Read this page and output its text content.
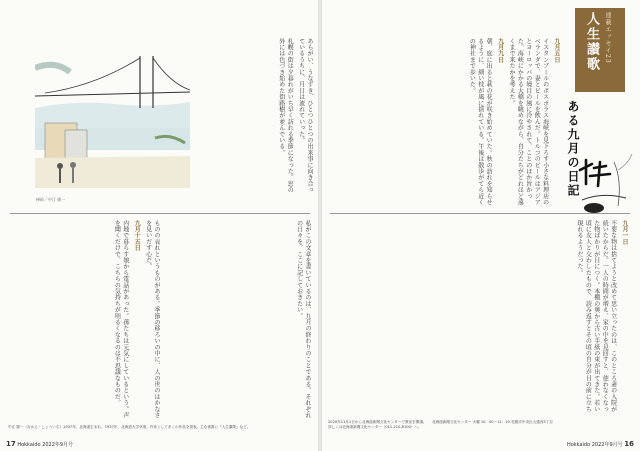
挿絵／中江 勝一

あらがい、うなずき、ひとつひとつの出来事に向き合っているうちに、月日は流れていった。

札幌の街は夕暮れがいち早く訪れる季節になった。窓の外には色づき始めた街路樹が並んでいる。

ものの哀れというものがある。季節の移ろいの中に、人の世のはかなさを見いだす心だ。

九月十五日

内地で暮らす娘から電話があった。孫たちは元気にしているという。声を聞くだけで、こちらの気持ちが明るくなるのは不思議なものだ。	私がこの文章を書いているのは、九月の終わりのことである。それぞれの日々を、ここに記しておきたい。

中江 勝一（なかえ・しょういち）1937年、北海道生まれ。1957年、北海道大学卒業。作家として多くの作品を発表。主な著書に『人生讃歌』など。
17 Hokkaido 2022年9月号
連載エッセイ23
人生讃歌
ある九月の日記

九月五日

イスタンブールのボスポラス海峡を見下ろす小さな料理店のベランダで、妻とビールを飲んだ。トルコのビールはアジアとヨーロッパの境目の風に冷やされて、ことのほか旨かった。海峡にかかる大橋を眺めながら、自分たちがどれほど遠くまで来たかを考えた。

九月九日

朝、庭に出ると萩の花が咲き始めていた。秋の訪れを知らせるように、細い枝が風に揺れている。午後は散歩がてら近くの神社まで歩いた。

九月一日

不要な物は捨てようと改めて思い立ったのは、このところ妻の入院が続いたからだ。一人の時間が増え、家の中を見回すと、使わなくなった物ばかりが目につく。本棚の奥から古い手紙の束が出てきた。若い頃に友人と交わしたもので、読み返すとその頃の自分が目の前に立ち現れるようだった。

2020年11月1日から北海道新聞文化センターで教室を開講。詳しくは北海道新聞文化センター（011-210-8100）へ。
北海道新聞文化センター 火曜 10：00〜11：20 札幌市中央区大通西3丁目
Hokkaido 2022年9月号 16
